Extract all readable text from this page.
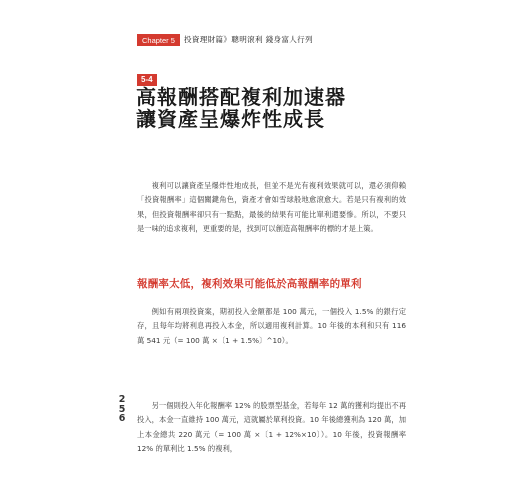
Chapter 5	投資理財篇》聰明滾利 錢身富人行列
5-4
高報酬搭配複利加速器
讓資產呈爆炸性成長

複利可以讓資產呈爆炸性地成長，但並不是光有複利效果就可以，還必須仰賴「投資報酬率」這個關鍵角色，資產才會如雪球般地愈滾愈大。若是只有複利的效果，但投資報酬率卻只有一點點，最後的結果有可能比單利還要慘。所以，不要只是一味的追求複利，更重要的是，找到可以創造高報酬率的標的才是上策。

報酬率太低，複利效果可能低於高報酬率的單利

例如有兩項投資案，期初投入金額都是 100 萬元，一個投入 1.5% 的銀行定存，且每年均將利息再投入本金，所以適用複利計算。10 年後的本利和只有 116 萬 541 元（= 100 萬 ×〔1 + 1.5%〕^10）。

另一個則投入年化報酬率 12% 的股票型基金，若每年 12 萬的獲利均提出不再投入，本金一直維持 100 萬元，這就屬於單利投資。10 年後總獲利為 120 萬，加上本金總共 220 萬元（= 100 萬 ×〔1 + 12%×10〕）。10 年後，投資報酬率 12% 的單利比 1.5% 的複利，

2
5
6
